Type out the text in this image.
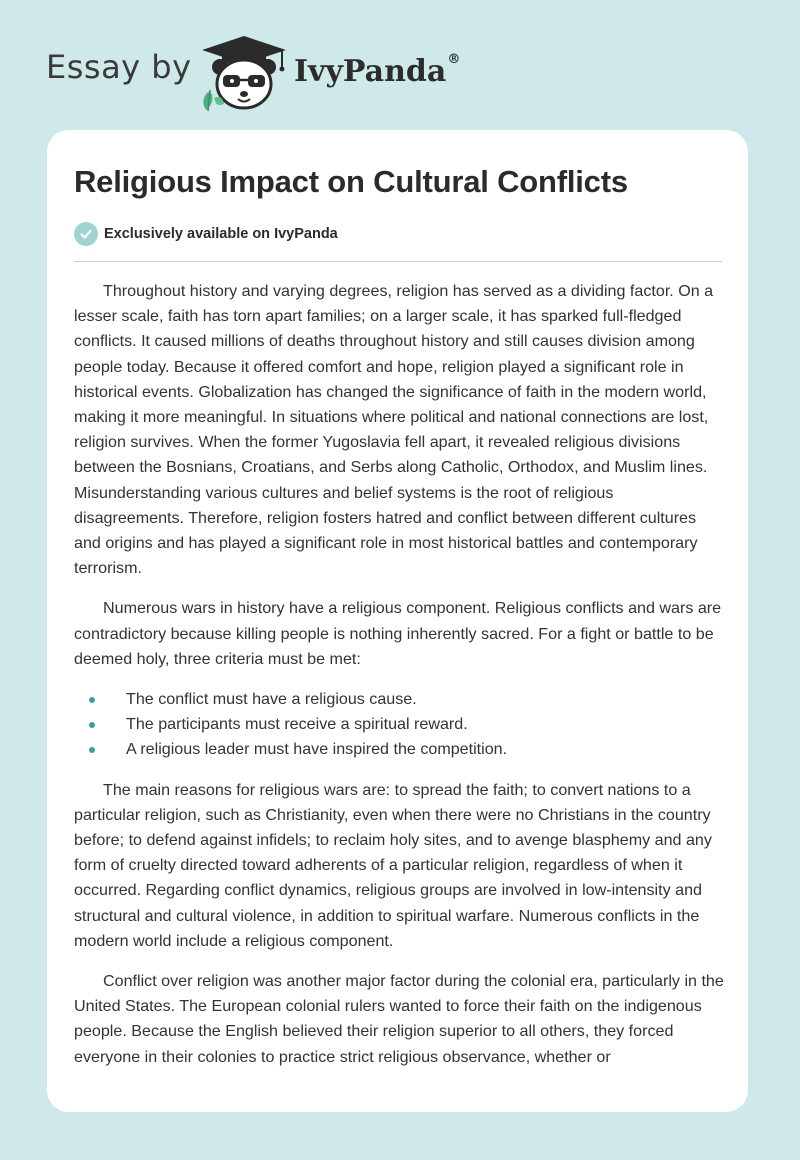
Essay by	IvyPanda®
Religious Impact on Cultural Conflicts
Exclusively available on IvyPanda

Throughout history and varying degrees, religion has served as a dividing factor. On a lesser scale, faith has torn apart families; on a larger scale, it has sparked full-fledged conflicts. It caused millions of deaths throughout history and still causes division among people today. Because it offered comfort and hope, religion played a significant role in historical events. Globalization has changed the significance of faith in the modern world, making it more meaningful. In situations where political and national connections are lost, religion survives. When the former Yugoslavia fell apart, it revealed religious divisions between the Bosnians, Croatians, and Serbs along Catholic, Orthodox, and Muslim lines. Misunderstanding various cultures and belief systems is the root of religious disagreements. Therefore, religion fosters hatred and conflict between different cultures and origins and has played a significant role in most historical battles and contemporary terrorism.

Numerous wars in history have a religious component. Religious conflicts and wars are contradictory because killing people is nothing inherently sacred. For a fight or battle to be deemed holy, three criteria must be met:

The conflict must have a religious cause.
The participants must receive a spiritual reward.
A religious leader must have inspired the competition.

The main reasons for religious wars are: to spread the faith; to convert nations to a particular religion, such as Christianity, even when there were no Christians in the country before; to defend against infidels; to reclaim holy sites, and to avenge blasphemy and any form of cruelty directed toward adherents of a particular religion, regardless of when it occurred. Regarding conflict dynamics, religious groups are involved in low-intensity and structural and cultural violence, in addition to spiritual warfare. Numerous conflicts in the modern world include a religious component.

Conflict over religion was another major factor during the colonial era, particularly in the United States. The European colonial rulers wanted to force their faith on the indigenous people. Because the English believed their religion superior to all others, they forced everyone in their colonies to practice strict religious observance, whether or
